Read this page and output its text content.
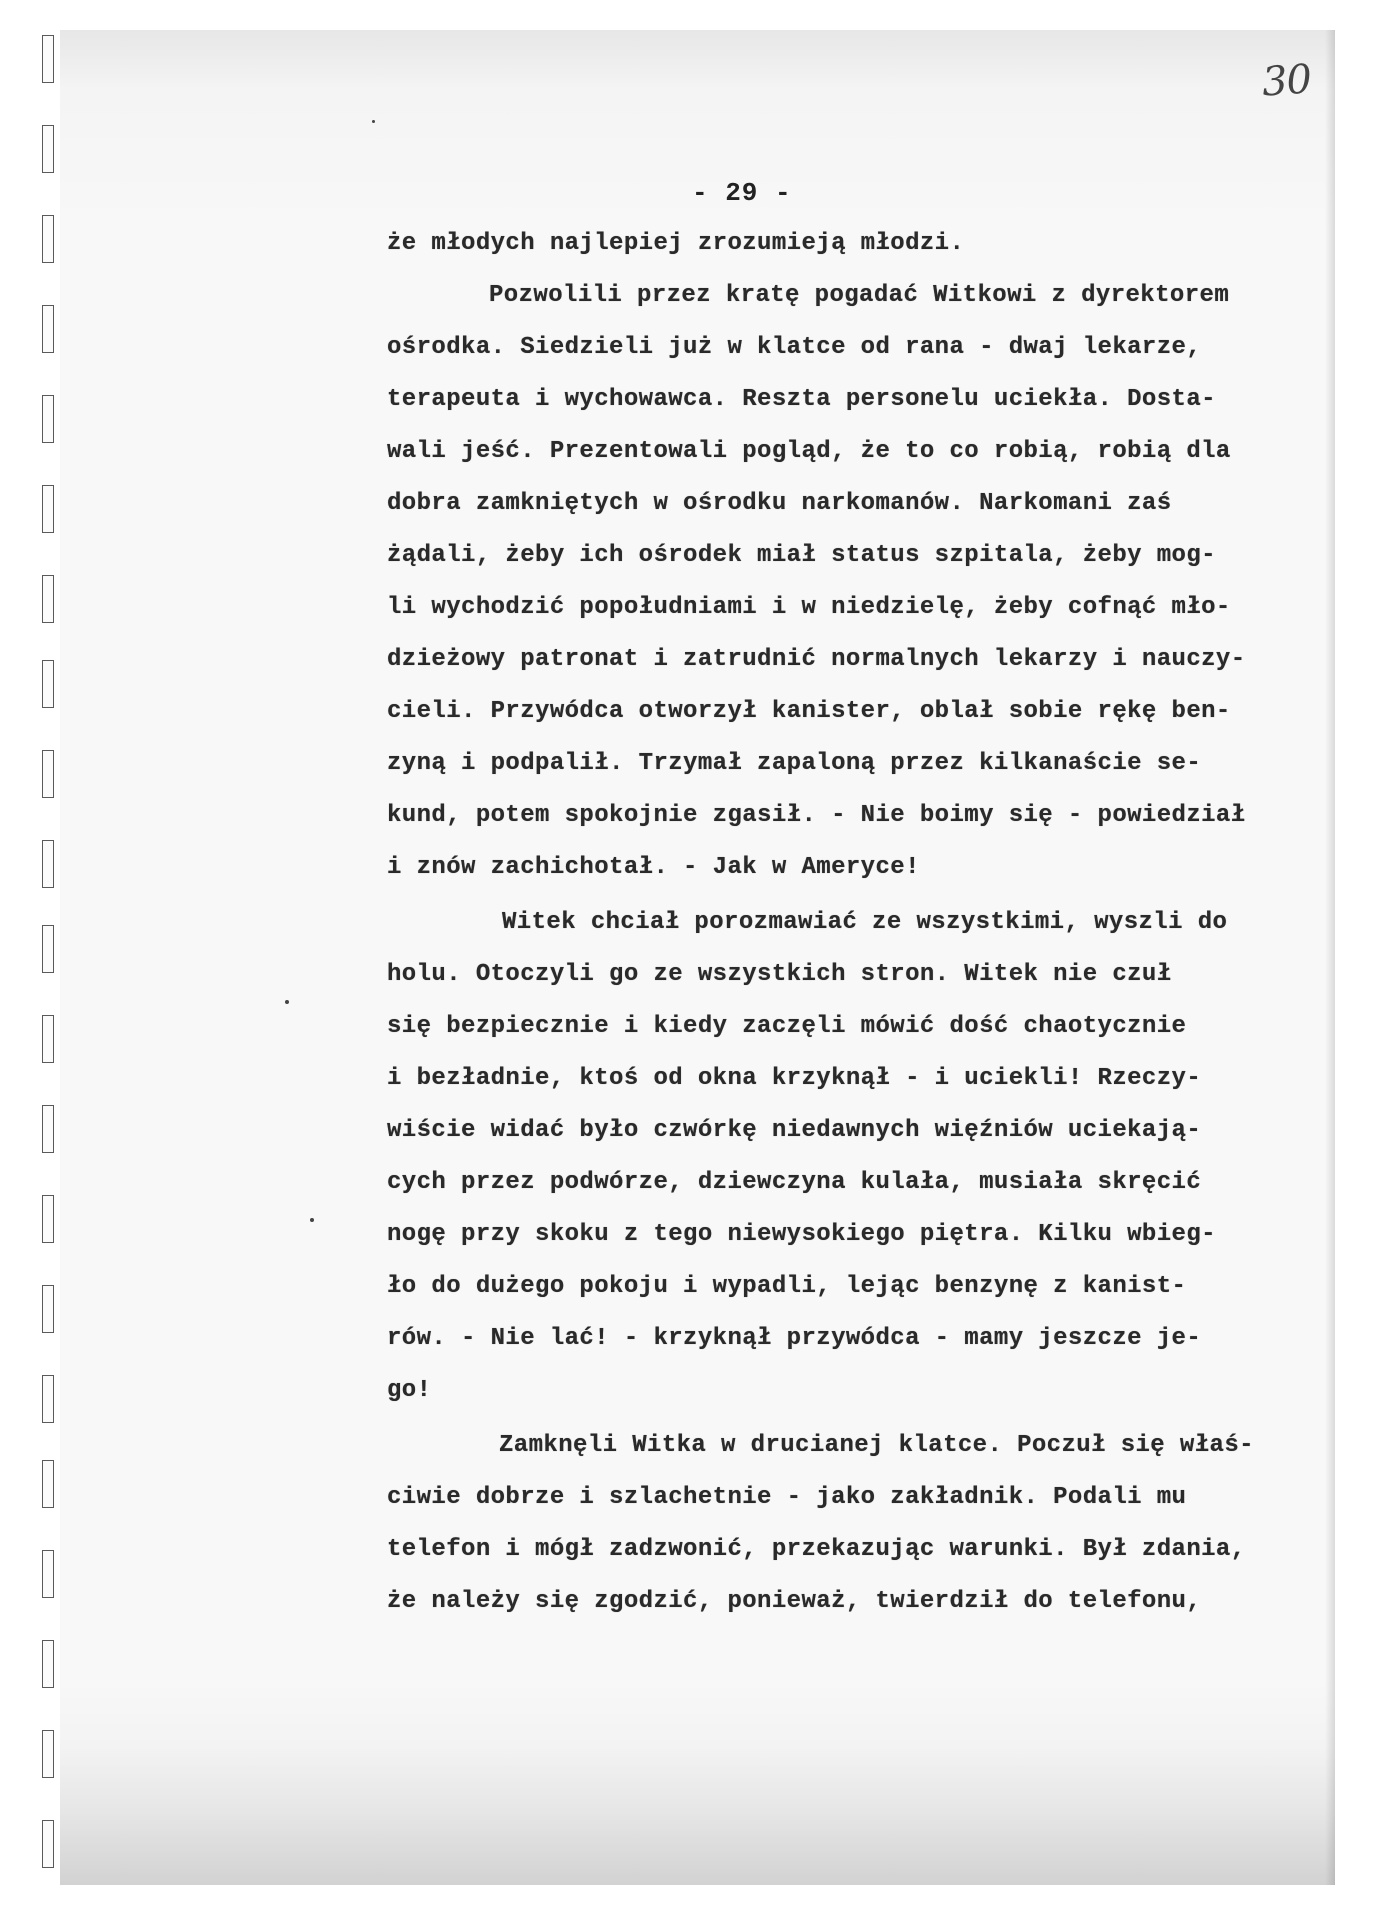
30
- 29 -
że młodych najlepiej zrozumieją młodzi.
Pozwolili przez kratę pogadać Witkowi z dyrektorem
ośrodka. Siedzieli już w klatce od rana - dwaj lekarze,
terapeuta i wychowawca. Reszta personelu uciekła. Dosta-
wali jeść. Prezentowali pogląd, że to co robią, robią dla
dobra zamkniętych w ośrodku narkomanów. Narkomani zaś
żądali, żeby ich ośrodek miał status szpitala, żeby mog-
li wychodzić popołudniami i w niedzielę, żeby cofnąć mło-
dzieżowy patronat i zatrudnić normalnych lekarzy i nauczy-
cieli. Przywódca otworzył kanister, oblał sobie rękę ben-
zyną i podpalił. Trzymał zapaloną przez kilkanaście se-
kund, potem spokojnie zgasił. - Nie boimy się - powiedział
i znów zachichotał. - Jak w Ameryce!
Witek chciał porozmawiać ze wszystkimi, wyszli do
holu. Otoczyli go ze wszystkich stron. Witek nie czuł
się bezpiecznie i kiedy zaczęli mówić dość chaotycznie
i bezładnie, ktoś od okna krzyknął - i uciekli! Rzeczy-
wiście widać było czwórkę niedawnych więźniów uciekają-
cych przez podwórze, dziewczyna kulała, musiała skręcić
nogę przy skoku z tego niewysokiego piętra. Kilku wbieg-
ło do dużego pokoju i wypadli, lejąc benzynę z kanist-
rów. - Nie lać! - krzyknął przywódca - mamy jeszcze je-
go!
Zamknęli Witka w drucianej klatce. Poczuł się właś-
ciwie dobrze i szlachetnie - jako zakładnik. Podali mu
telefon i mógł zadzwonić, przekazując warunki. Był zdania,
że należy się zgodzić, ponieważ, twierdził do telefonu,
